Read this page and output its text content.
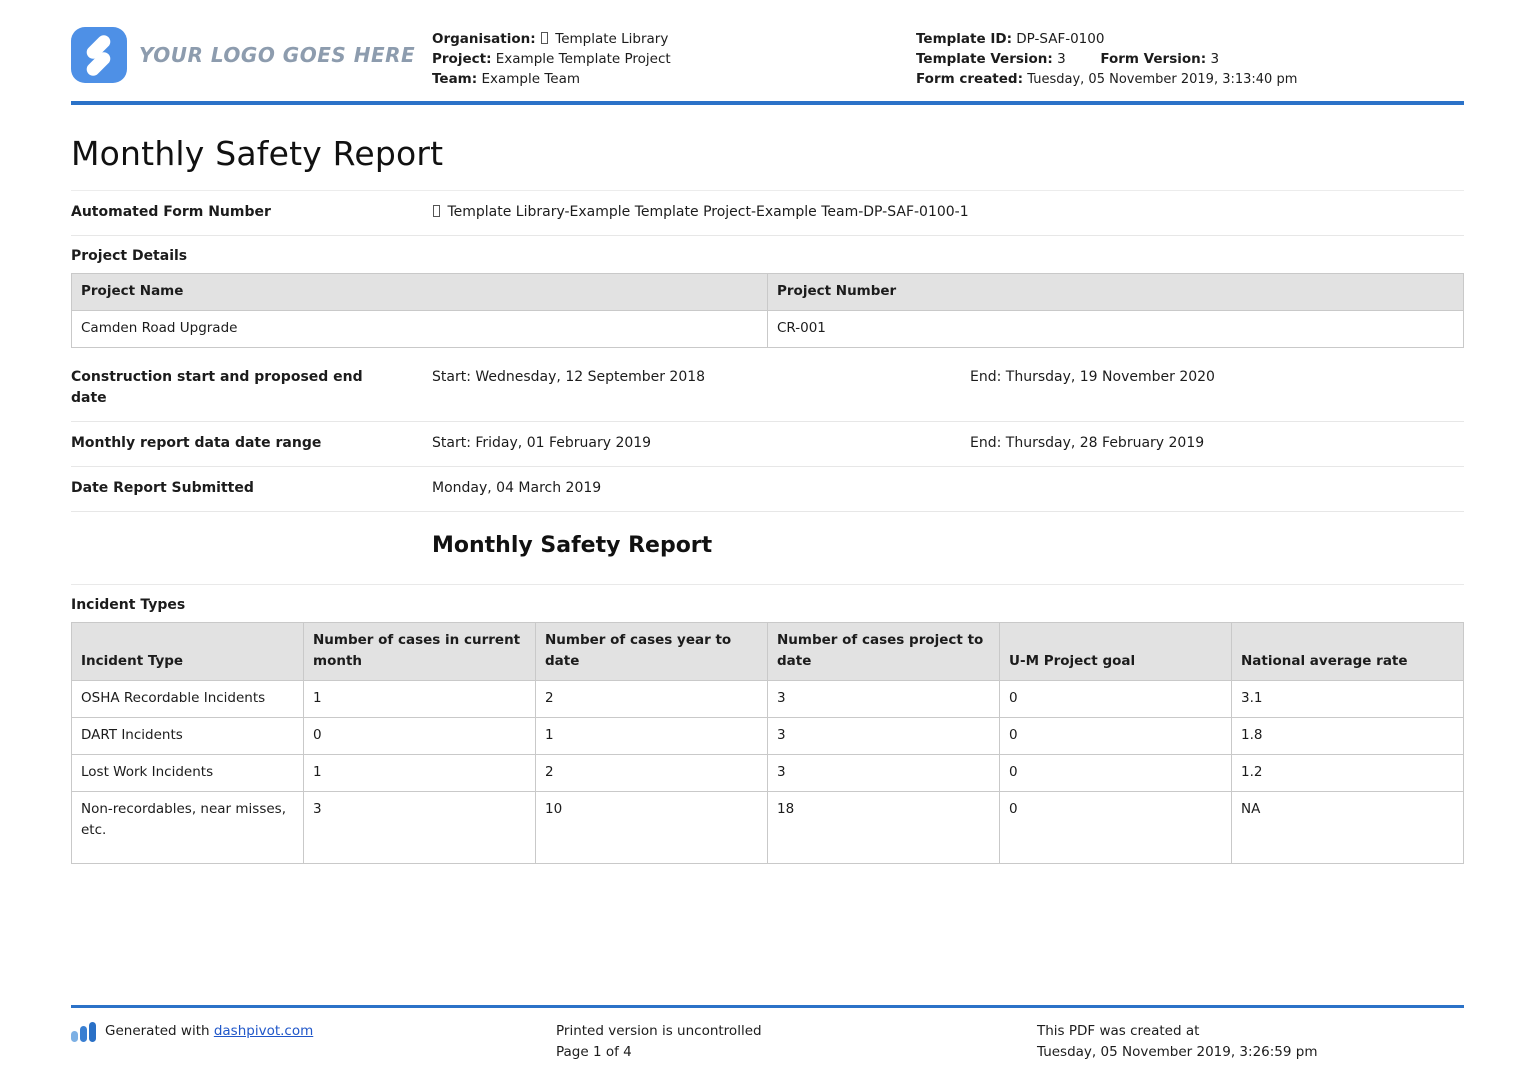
YOUR LOGO GOES HERE
Organisation: Template Library
Project: Example Template Project
Team: Example Team
Template ID: DP-SAF-0100
Template Version: 3	Form Version: 3
Form created: Tuesday, 05 November 2019, 3:13:40 pm
Monthly Safety Report
Automated Form Number	Template Library-Example Template Project-Example Team-DP-SAF-0100-1
Project Details
Project Name	Project Number
Camden Road Upgrade	CR-001
Construction start and proposed end date
Start: Wednesday, 12 September 2018	End: Thursday, 19 November 2020
Monthly report data date range	Start: Friday, 01 February 2019	End: Thursday, 28 February 2019
Date Report Submitted	Monday, 04 March 2019
Monthly Safety Report
Incident Types
Incident Type	Number of cases in current month	Number of cases year to date	Number of cases project to date	U-M Project goal	National average rate
OSHA Recordable Incidents	1	2	3	0	3.1
DART Incidents	0	1	3	0	1.8
Lost Work Incidents	1	2	3	0	1.2
Non-recordables, near misses, etc.	3	10	18	0	NA
Generated with dashpivot.com	Printed version is uncontrolled
Page 1 of 4
This PDF was created at
Tuesday, 05 November 2019, 3:26:59 pm
